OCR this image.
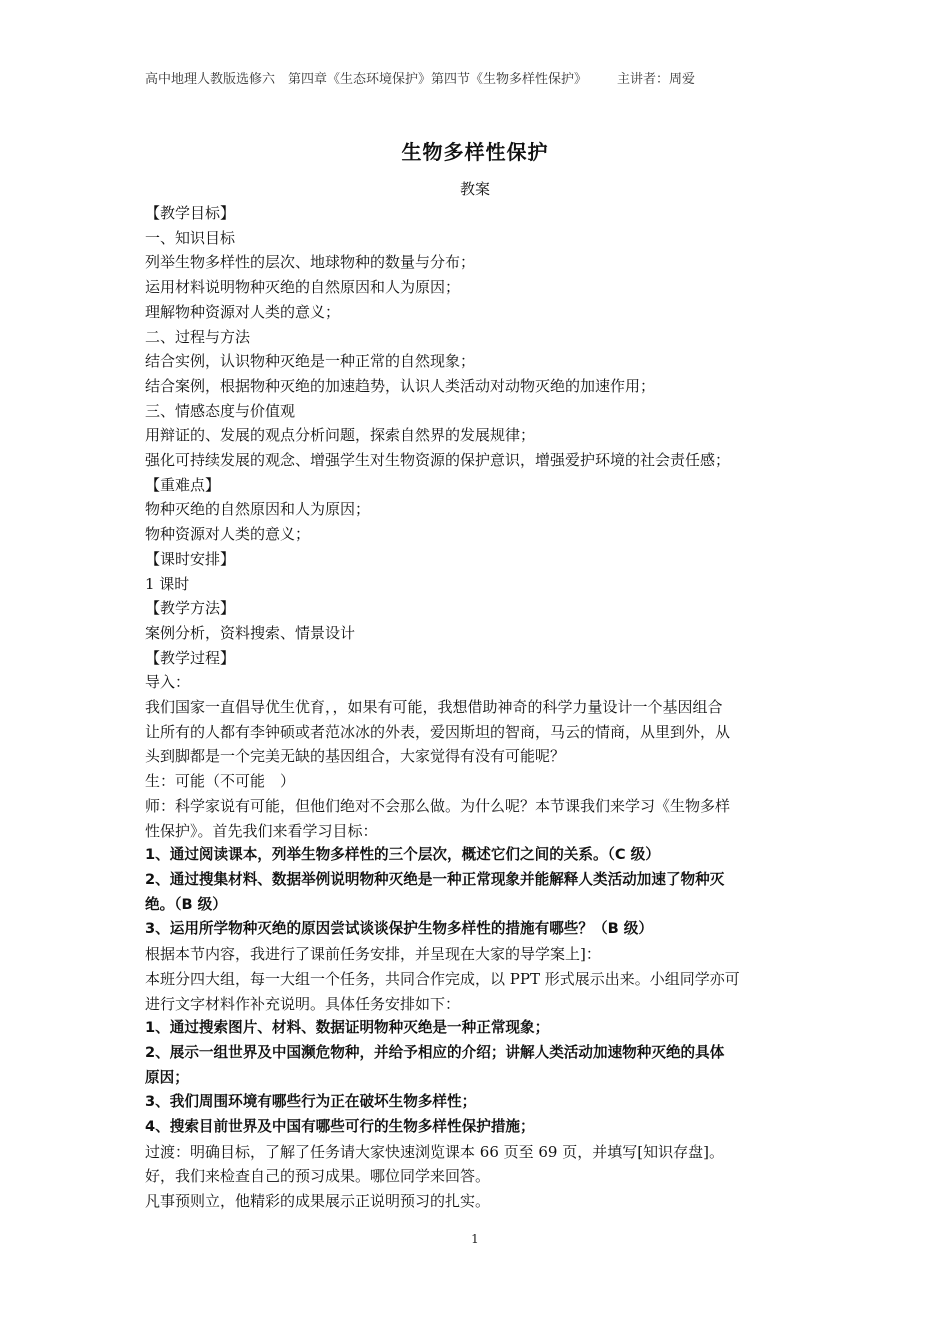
高中地理人教版选修六　第四章《生态环境保护》第四节《生物多样性保护》 主讲者：周爱
生物多样性保护
教案

【教学目标】

一、知识目标

列举生物多样性的层次、地球物种的数量与分布；

运用材料说明物种灭绝的自然原因和人为原因；

理解物种资源对人类的意义；

二、过程与方法

结合实例，认识物种灭绝是一种正常的自然现象；

结合案例，根据物种灭绝的加速趋势，认识人类活动对动物灭绝的加速作用；

三、情感态度与价值观

用辩证的、发展的观点分析问题，探索自然界的发展规律；

强化可持续发展的观念、增强学生对生物资源的保护意识，增强爱护环境的社会责任感；

【重难点】

物种灭绝的自然原因和人为原因；

物种资源对人类的意义；

【课时安排】

1 课时

【教学方法】

案例分析，资料搜索、情景设计

【教学过程】

导入：

我们国家一直倡导优生优育，，如果有可能，我想借助神奇的科学力量设计一个基因组合

让所有的人都有李钟硕或者范冰冰的外表，爱因斯坦的智商，马云的情商，从里到外，从

头到脚都是一个完美无缺的基因组合，大家觉得有没有可能呢？

生：可能（不可能　）

师：科学家说有可能，但他们绝对不会那么做。为什么呢？本节课我们来学习《生物多样

性保护》。首先我们来看学习目标：

1、通过阅读课本，列举生物多样性的三个层次，概述它们之间的关系。（C 级）

2、通过搜集材料、数据举例说明物种灭绝是一种正常现象并能解释人类活动加速了物种灭

绝。（B 级）

3、运用所学物种灭绝的原因尝试谈谈保护生物多样性的措施有哪些？（B 级）

根据本节内容，我进行了课前任务安排，并呈现在大家的导学案上]：

本班分四大组，每一大组一个任务，共同合作完成，以 PPT 形式展示出来。小组同学亦可

进行文字材料作补充说明。具体任务安排如下：

1、通过搜索图片、材料、数据证明物种灭绝是一种正常现象；

2、展示一组世界及中国濒危物种，并给予相应的介绍；讲解人类活动加速物种灭绝的具体

原因；

3、我们周围环境有哪些行为正在破坏生物多样性；

4、搜索目前世界及中国有哪些可行的生物多样性保护措施；

过渡：明确目标，了解了任务请大家快速浏览课本 66 页至 69 页，并填写[知识存盘]。

好，我们来检查自己的预习成果。哪位同学来回答。

凡事预则立，他精彩的成果展示正说明预习的扎实。

1
